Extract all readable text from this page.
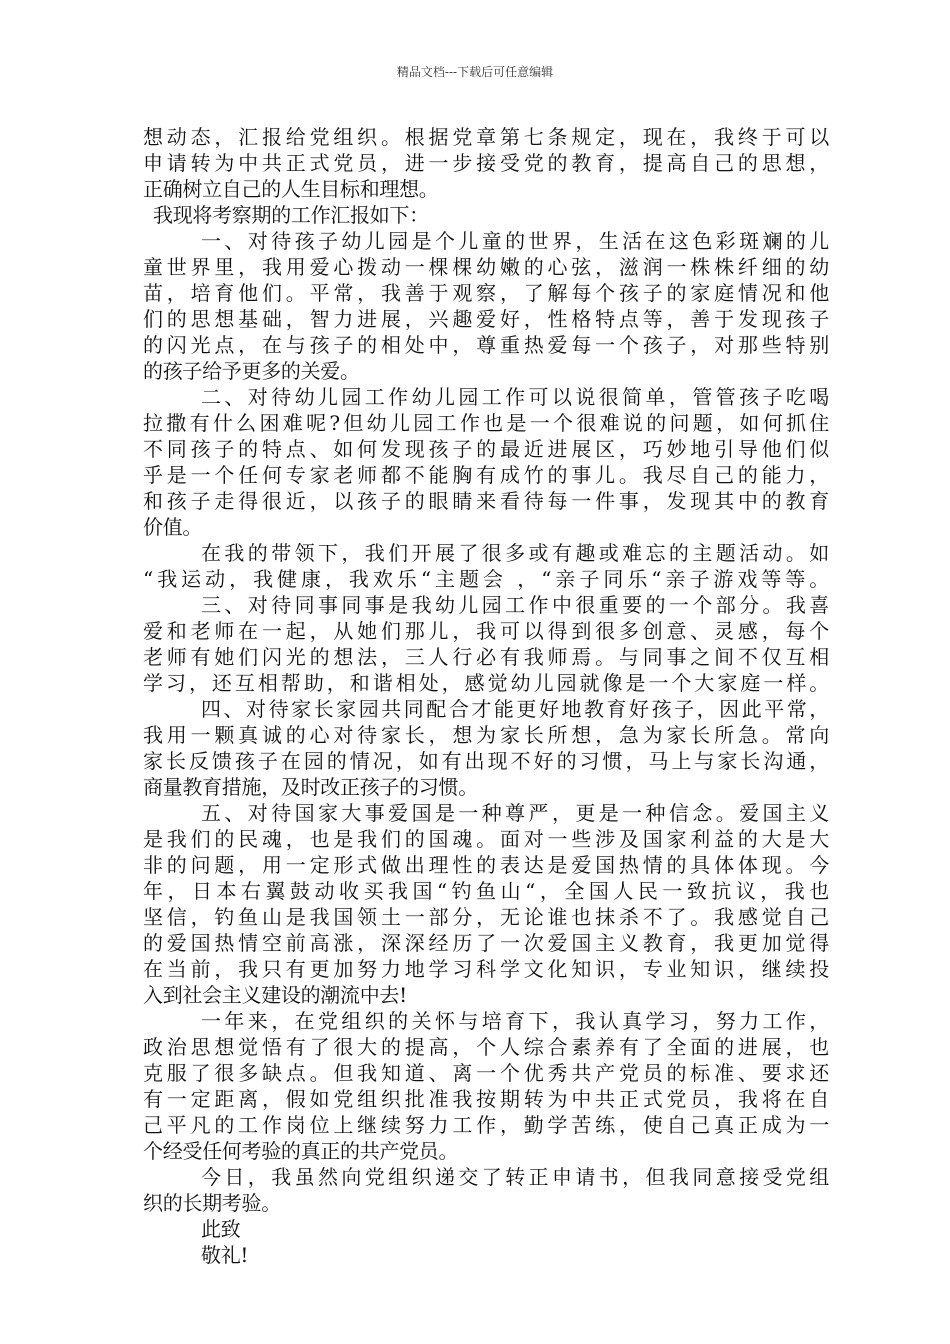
精品文档---下载后可任意编辑
想动态，汇报给党组织。根据党章第七条规定，现在，我终于可以
申请转为中共正式党员，进一步接受党的教育，提高自己的思想，
正确树立自己的人生目标和理想。
我现将考察期的工作汇报如下：
一、对待孩子幼儿园是个儿童的世界，生活在这色彩斑斓的儿
童世界里，我用爱心拨动一棵棵幼嫩的心弦，滋润一株株纤细的幼
苗，培育他们。平常，我善于观察，了解每个孩子的家庭情况和他
们的思想基础，智力进展，兴趣爱好，性格特点等，善于发现孩子
的闪光点，在与孩子的相处中，尊重热爱每一个孩子，对那些特别
的孩子给予更多的关爱。
二、对待幼儿园工作幼儿园工作可以说很简单，管管孩子吃喝
拉撒有什么困难呢?但幼儿园工作也是一个很难说的问题，如何抓住
不同孩子的特点、如何发现孩子的最近进展区，巧妙地引导他们似
乎是一个任何专家老师都不能胸有成竹的事儿。我尽自己的能力，
和孩子走得很近，以孩子的眼睛来看待每一件事，发现其中的教育
价值。
在我的带领下，我们开展了很多或有趣或难忘的主题活动。如
“我运动，我健康，我欢乐“主题会 ，“亲子同乐“亲子游戏等等。
三、对待同事同事是我幼儿园工作中很重要的一个部分。我喜
爱和老师在一起，从她们那儿，我可以得到很多创意、灵感，每个
老师有她们闪光的想法，三人行必有我师焉。与同事之间不仅互相
学习，还互相帮助，和谐相处，感觉幼儿园就像是一个大家庭一样。
四、对待家长家园共同配合才能更好地教育好孩子，因此平常，
我用一颗真诚的心对待家长，想为家长所想，急为家长所急。常向
家长反馈孩子在园的情况，如有出现不好的习惯，马上与家长沟通，
商量教育措施，及时改正孩子的习惯。
五、对待国家大事爱国是一种尊严，更是一种信念。爱国主义
是我们的民魂，也是我们的国魂。面对一些涉及国家利益的大是大
非的问题，用一定形式做出理性的表达是爱国热情的具体体现。今
年，日本右翼鼓动收买我国“钓鱼山“，全国人民一致抗议，我也
坚信，钓鱼山是我国领土一部分，无论谁也抹杀不了。我感觉自己
的爱国热情空前高涨，深深经历了一次爱国主义教育，我更加觉得
在当前，我只有更加努力地学习科学文化知识，专业知识，继续投
入到社会主义建设的潮流中去!
一年来，在党组织的关怀与培育下，我认真学习，努力工作，
政治思想觉悟有了很大的提高，个人综合素养有了全面的进展，也
克服了很多缺点。但我知道、离一个优秀共产党员的标准、要求还
有一定距离，假如党组织批准我按期转为中共正式党员，我将在自
己平凡的工作岗位上继续努力工作，勤学苦练，使自己真正成为一
个经受任何考验的真正的共产党员。
今日，我虽然向党组织递交了转正申请书，但我同意接受党组
织的长期考验。
此致
敬礼!
